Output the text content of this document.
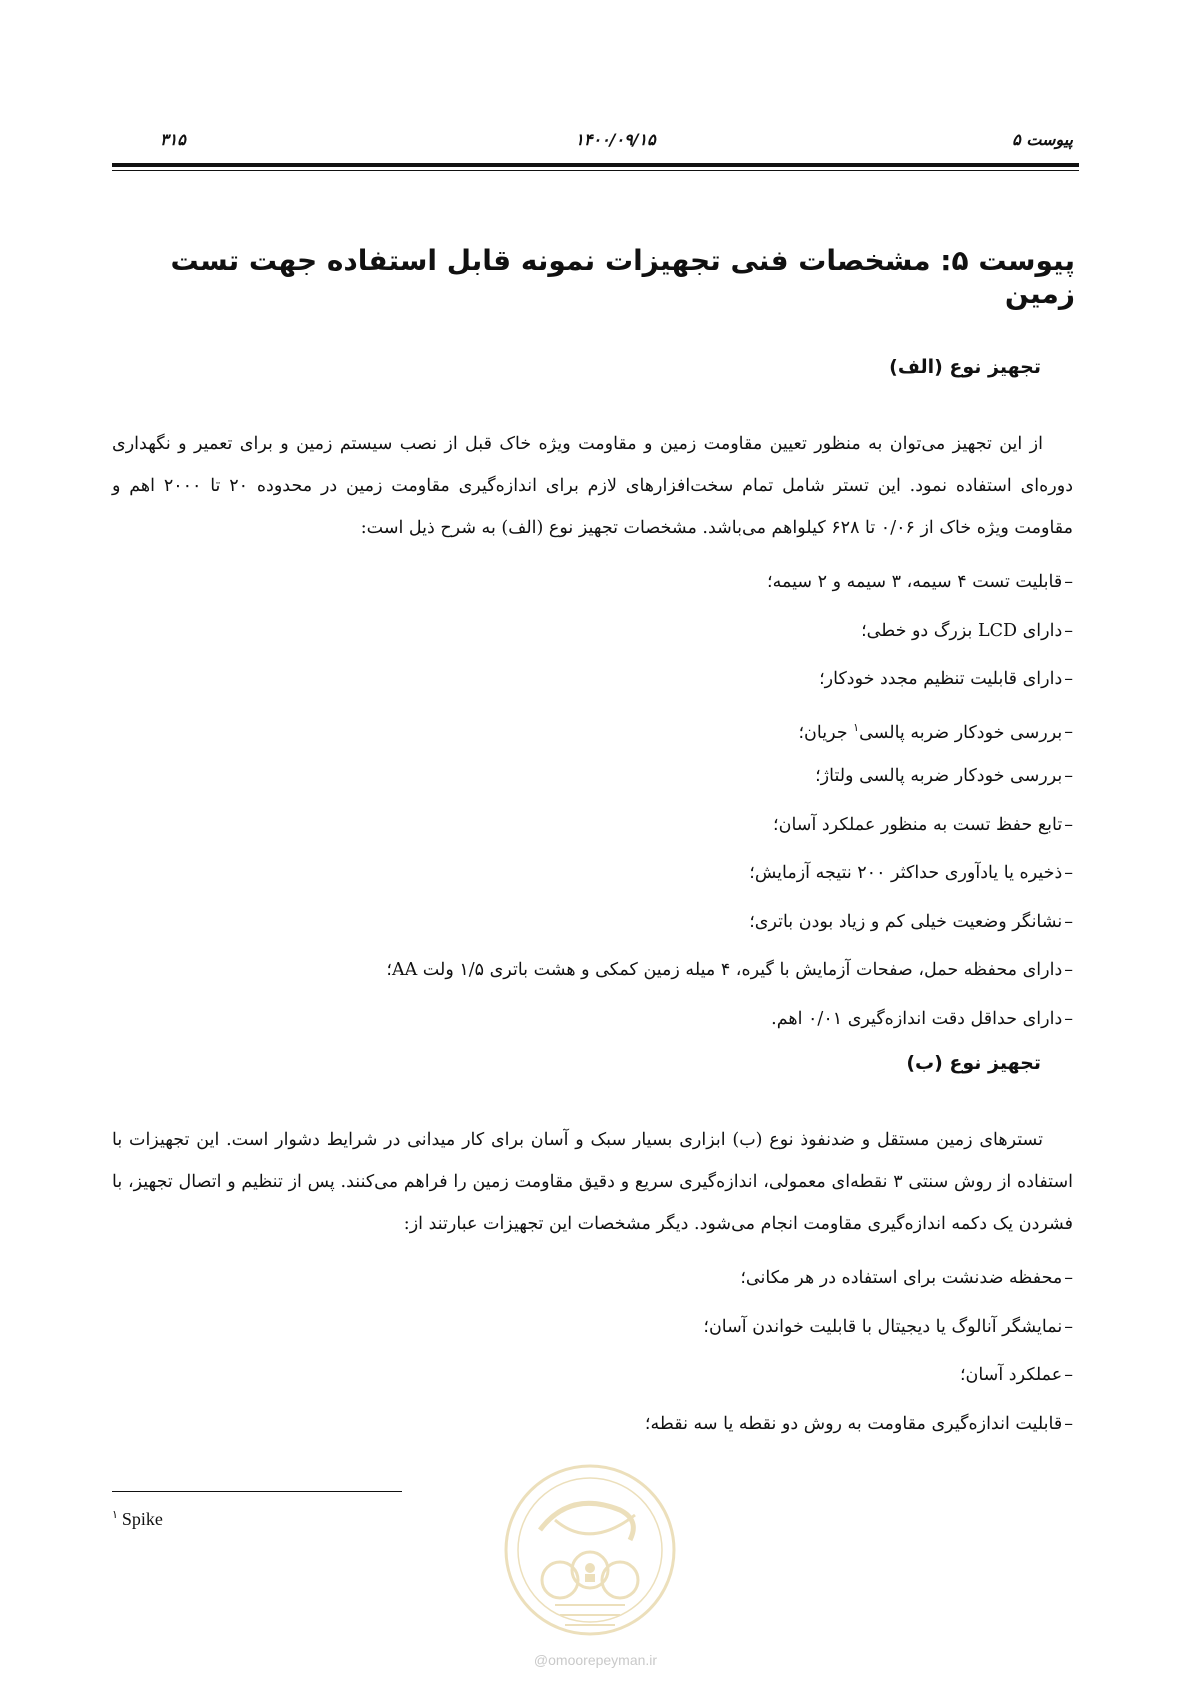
پیوست ۵
۱۴۰۰/۰۹/۱۵
۳۱۵
پیوست ۵: مشخصات فنی تجهیزات نمونه قابل استفاده جهت تست زمین
تجهیز نوع (الف)

از این تجهیز می‌توان به منظور تعیین مقاومت زمین و مقاومت ویژه خاک قبل از نصب سیستم زمین و برای تعمیر و نگهداری دوره‌ای استفاده نمود. این تستر شامل تمام سخت‌افزارهای لازم برای اندازه‌گیری مقاومت زمین در محدوده ۲۰ تا ۲۰۰۰ اهم و مقاومت ویژه خاک از ۰/۰۶ تا ۶۲۸ کیلواهم می‌باشد. مشخصات تجهیز نوع (الف) به شرح ذیل است:

–قابلیت تست ۴ سیمه، ۳ سیمه و ۲ سیمه؛
–دارای LCD بزرگ دو خطی؛
–دارای قابلیت تنظیم مجدد خودکار؛
–بررسی خودکار ضربه پالسی$^۱$ جریان؛
–بررسی خودکار ضربه پالسی ولتاژ؛
–تابع حفظ تست به منظور عملکرد آسان؛
–ذخیره یا یادآوری حداکثر ۲۰۰ نتیجه آزمایش؛
–نشانگر وضعیت خیلی کم و زیاد بودن باتری؛
–دارای محفظه حمل، صفحات آزمایش با گیره، ۴ میله زمین کمکی و هشت باتری ۱/۵ ولت AA؛
–دارای حداقل دقت اندازه‌گیری ۰/۰۱ اهم.
تجهیز نوع (ب)

تسترهای زمین مستقل و ضدنفوذ نوع (ب) ابزاری بسیار سبک و آسان برای کار میدانی در شرایط دشوار است. این تجهیزات با استفاده از روش سنتی ۳ نقطه‌ای معمولی، اندازه‌گیری سریع و دقیق مقاومت زمین را فراهم می‌کنند. پس از تنظیم و اتصال تجهیز، با فشردن یک دکمه اندازه‌گیری مقاومت انجام می‌شود. دیگر مشخصات این تجهیزات عبارتند از:

–محفظه ضدنشت برای استفاده در هر مکانی؛
–نمایشگر آنالوگ یا دیجیتال با قابلیت خواندن آسان؛
–عملکرد آسان؛
–قابلیت اندازه‌گیری مقاومت به روش دو نقطه یا سه نقطه؛
$^۱$ Spike
@omoorepeyman.ir
